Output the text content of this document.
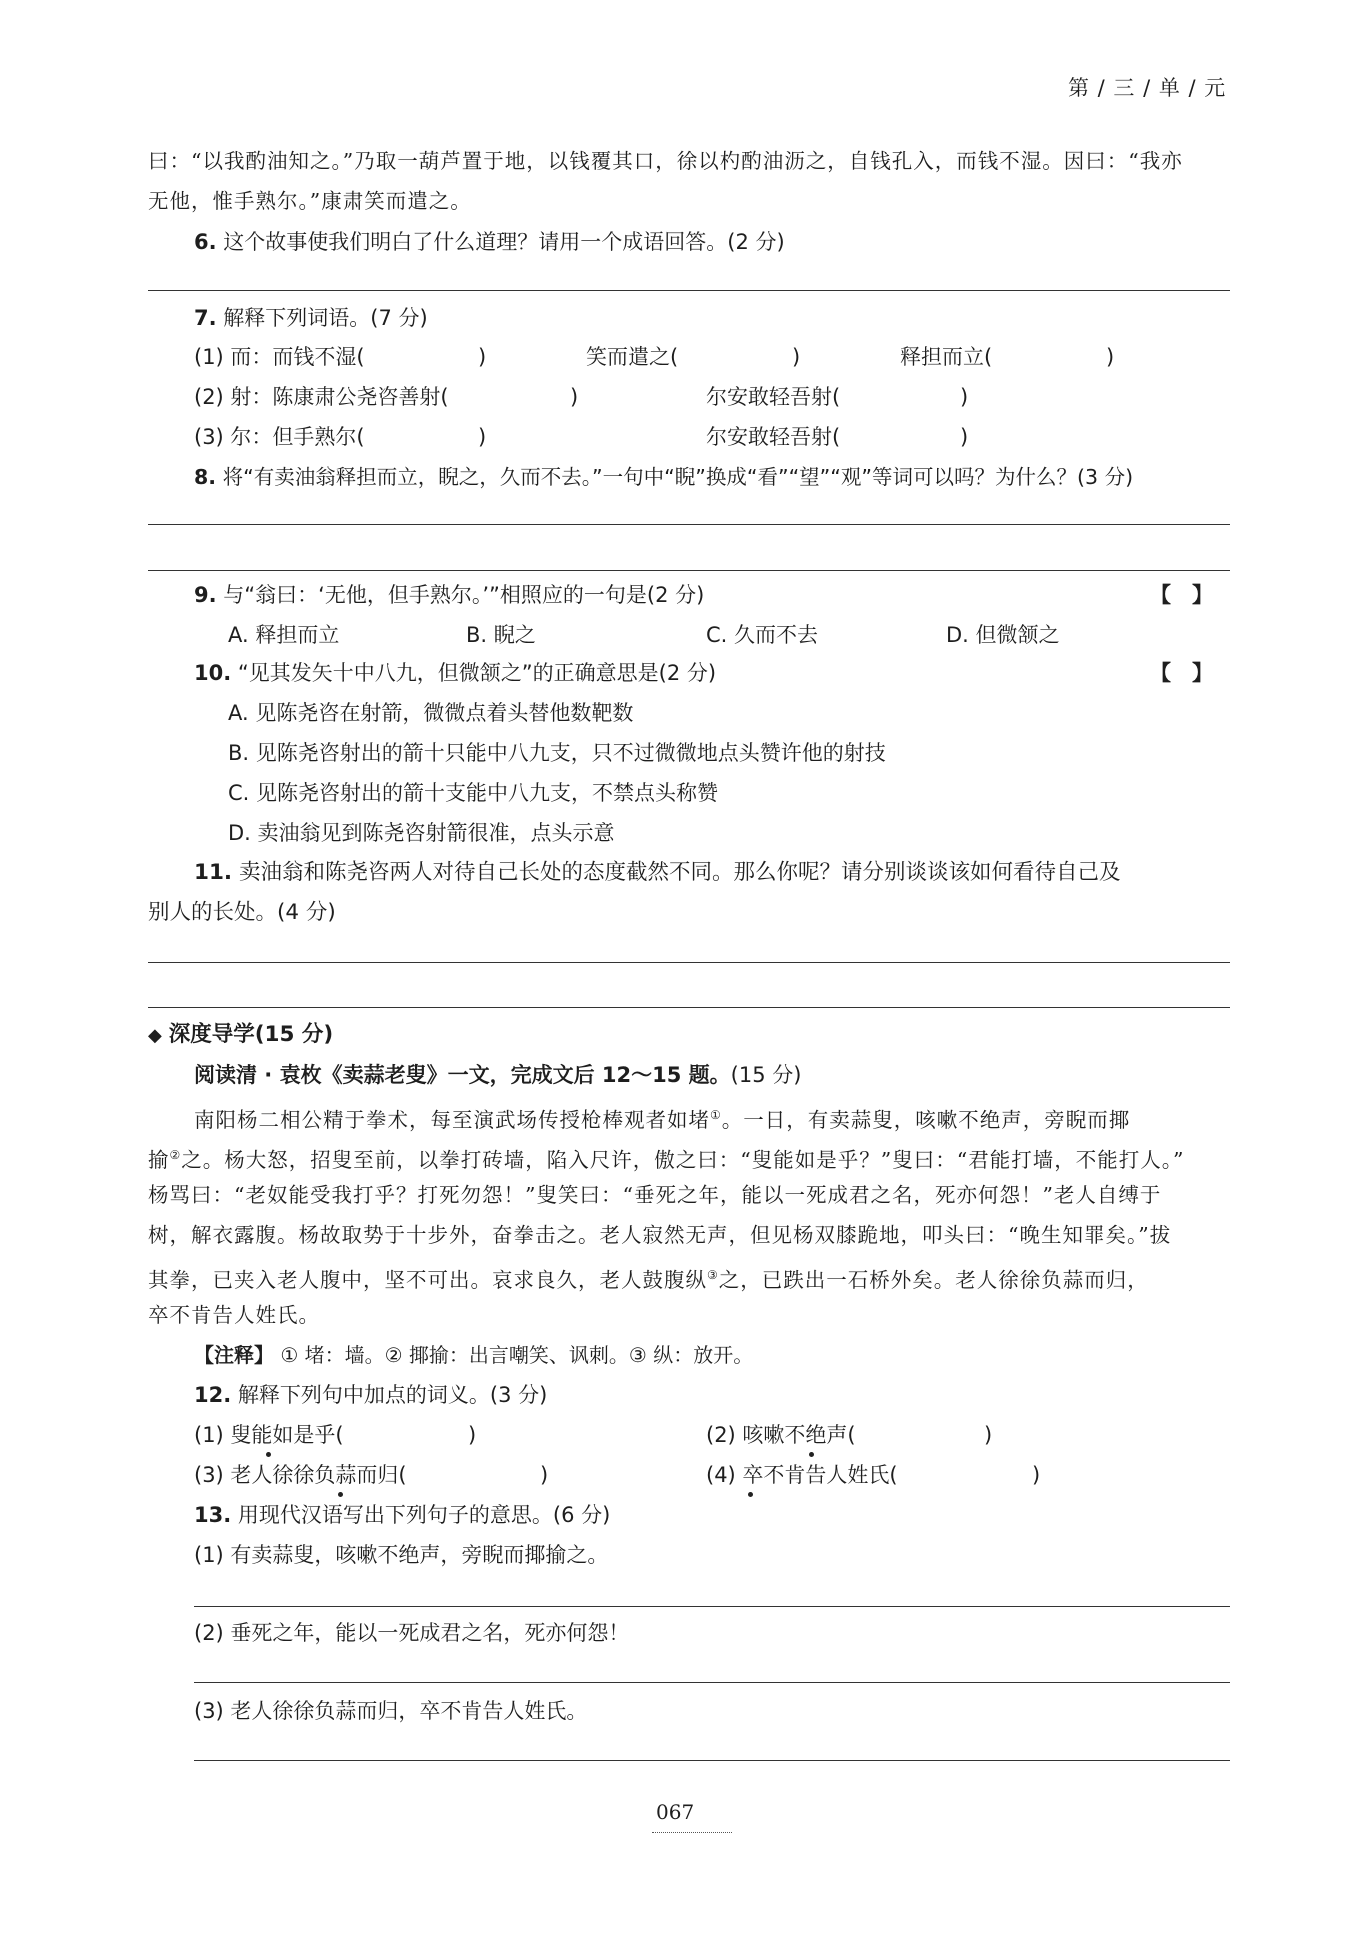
第 / 三 / 单 / 元
曰：“以我酌油知之。”乃取一葫芦置于地，以钱覆其口，徐以杓酌油沥之，自钱孔入，而钱不湿。因曰：“我亦
无他，惟手熟尔。”康肃笑而遣之。
6. 这个故事使我们明白了什么道理？请用一个成语回答。(2 分)
7. 解释下列词语。(7 分)
(1) 而：而钱不湿(	)	笑而遣之(	)	释担而立(	)
(2) 射：陈康肃公尧咨善射(	)	尔安敢轻吾射(	)
(3) 尔：但手熟尔(	)	尔安敢轻吾射(	)
8. 将“有卖油翁释担而立，睨之，久而不去。”一句中“睨”换成“看”“望”“观”等词可以吗？为什么？(3 分)
9. 与“翁曰：‘无他，但手熟尔。’”相照应的一句是(2 分)	【　】
A. 释担而立	B. 睨之	C. 久而不去	D. 但微颔之
10. “见其发矢十中八九，但微颔之”的正确意思是(2 分)	【　】
A. 见陈尧咨在射箭，微微点着头替他数靶数
B. 见陈尧咨射出的箭十只能中八九支，只不过微微地点头赞许他的射技
C. 见陈尧咨射出的箭十支能中八九支，不禁点头称赞
D. 卖油翁见到陈尧咨射箭很准，点头示意
11. 卖油翁和陈尧咨两人对待自己长处的态度截然不同。那么你呢？请分别谈谈该如何看待自己及
别人的长处。(4 分)
◆ 深度导学(15 分)
阅读清 · 袁枚《卖蒜老叟》一文，完成文后 12～15 题。(15 分)
南阳杨二相公精于拳术，每至演武场传授枪棒观者如堵①。一日，有卖蒜叟，咳嗽不绝声，旁睨而揶
揄②之。杨大怒，招叟至前，以拳打砖墙，陷入尺许，傲之曰：“叟能如是乎？”叟曰：“君能打墙，不能打人。”
杨骂曰：“老奴能受我打乎？打死勿怨！”叟笑曰：“垂死之年，能以一死成君之名，死亦何怨！”老人自缚于
树，解衣露腹。杨故取势于十步外，奋拳击之。老人寂然无声，但见杨双膝跪地，叩头曰：“晚生知罪矣。”拔
其拳，已夹入老人腹中，坚不可出。哀求良久，老人鼓腹纵③之，已跌出一石桥外矣。老人徐徐负蒜而归，
卒不肯告人姓氏。
【注释】 ① 堵：墙。② 揶揄：出言嘲笑、讽刺。③ 纵：放开。
12. 解释下列句中加点的词义。(3 分)
(1) 叟能如是乎(	)	(2) 咳嗽不绝声(	)
(3) 老人徐徐负蒜而归(	)	(4) 卒不肯告人姓氏(	)
13. 用现代汉语写出下列句子的意思。(6 分)
(1) 有卖蒜叟，咳嗽不绝声，旁睨而揶揄之。
(2) 垂死之年，能以一死成君之名，死亦何怨！
(3) 老人徐徐负蒜而归，卒不肯告人姓氏。
067
